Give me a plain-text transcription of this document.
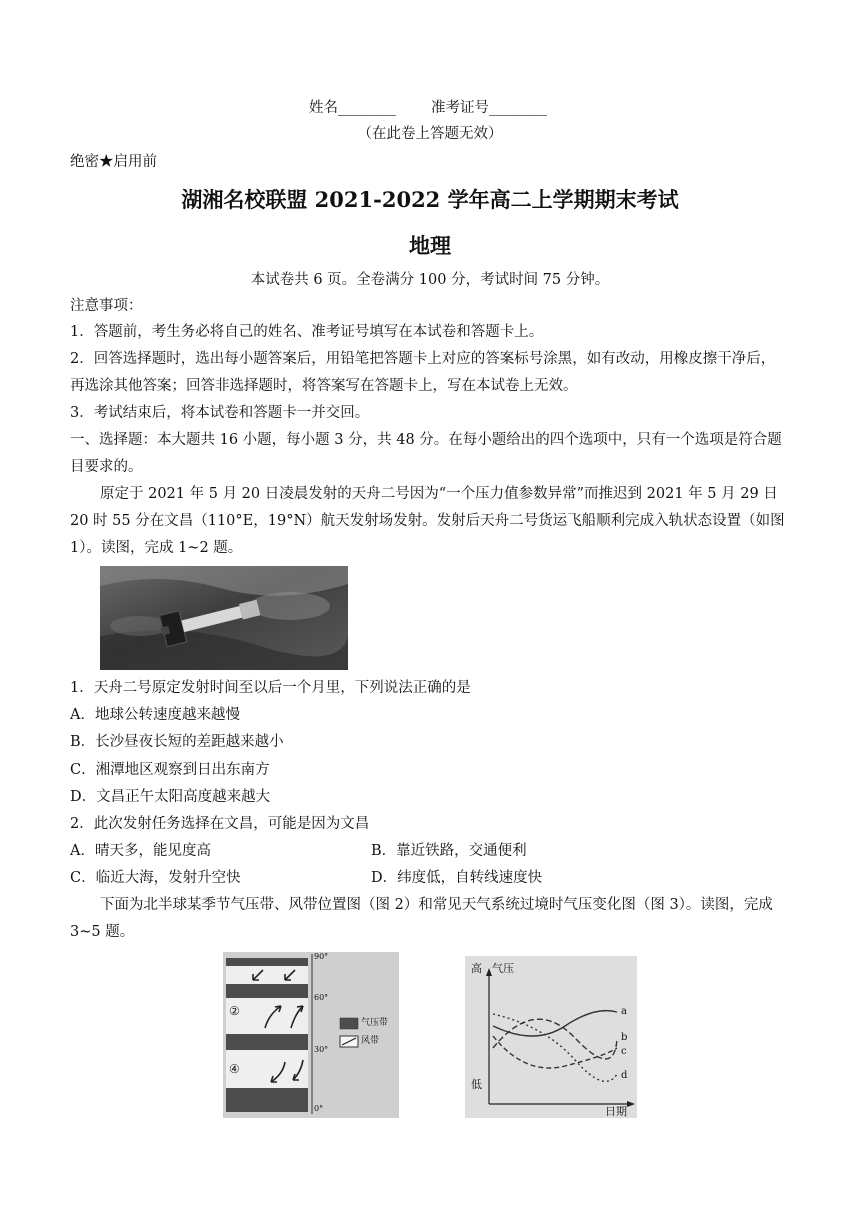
姓名________ 准考证号________
（在此卷上答题无效）
绝密★启用前
湖湘名校联盟 2021-2022 学年高二上学期期末考试
地理
本试卷共 6 页。全卷满分 100 分，考试时间 75 分钟。
注意事项：
1．答题前，考生务必将自己的姓名、准考证号填写在本试卷和答题卡上。
2．回答选择题时，选出每小题答案后，用铅笔把答题卡上对应的答案标号涂黑，如有改动，用橡皮擦干净后，
再选涂其他答案；回答非选择题时，将答案写在答题卡上，写在本试卷上无效。
3．考试结束后，将本试卷和答题卡一并交回。
一、选择题：本大题共 16 小题，每小题 3 分，共 48 分。在每小题给出的四个选项中，只有一个选项是符合题
目要求的。
原定于 2021 年 5 月 20 日凌晨发射的天舟二号因为“一个压力值参数异常”而推迟到 2021 年 5 月 29 日
20 时 55 分在文昌（110°E，19°N）航天发射场发射。发射后天舟二号货运飞船顺利完成入轨状态设置（如图
1）。读图，完成 1~2 题。
1．天舟二号原定发射时间至以后一个月里，下列说法正确的是
A．地球公转速度越来越慢
B．长沙昼夜长短的差距越来越小
C．湘潭地区观察到日出东南方
D．文昌正午太阳高度越来越大
2．此次发射任务选择在文昌，可能是因为文昌
A．晴天多，能见度高	B．靠近铁路，交通便利
C．临近大海，发射升空快	D．纬度低，自转线速度快
下面为北半球某季节气压带、风带位置图（图 2）和常见天气系统过境时气压变化图（图 3）。读图，完成
3~5 题。
90°
60°
30°
0°
②
④
气压带
风带
高 气压
低
日期
a
b
c
d
